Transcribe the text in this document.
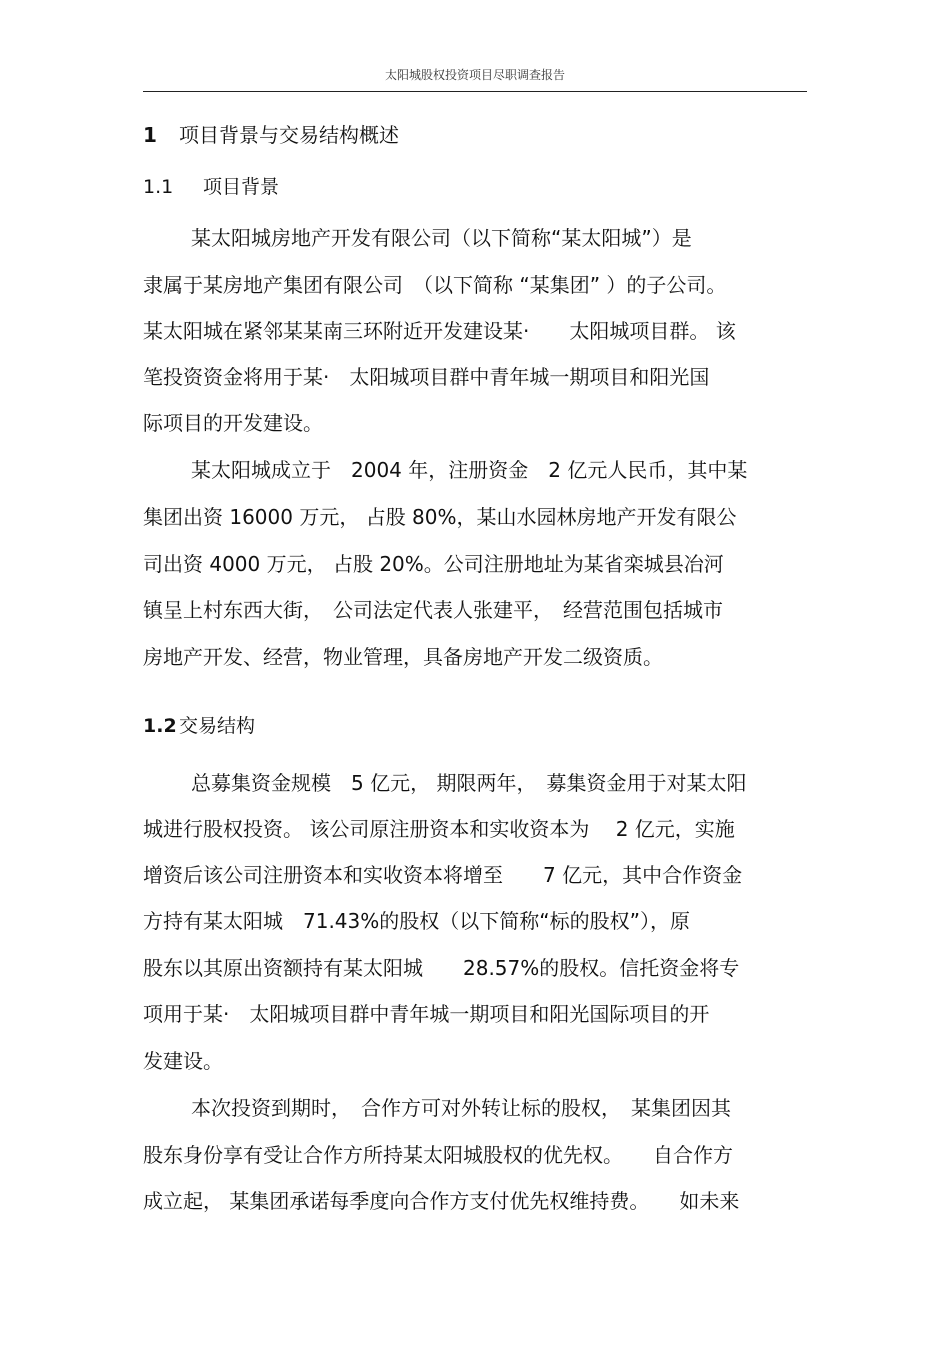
太阳城股权投资项目尽职调查报告
1 项目背景与交易结构概述
1.1 项目背景
某太阳城房地产开发有限公司（以下简称“某太阳城”）是
隶属于某房地产集团有限公司　（以下简称 “某集团” ）的子公司。
某太阳城在紧邻某某南三环附近开发建设某·　　太阳城项目群。 该
笔投资资金将用于某·　太阳城项目群中青年城一期项目和阳光国
际项目的开发建设。
某太阳城成立于　2004 年，注册资金　2 亿元人民币，其中某
集团出资 16000 万元， 占股 80%，某山水园林房地产开发有限公
司出资 4000 万元， 占股 20%。公司注册地址为某省栾城县冶河
镇呈上村东西大街，　公司法定代表人张建平，　经营范围包括城市
房地产开发、经营，物业管理，具备房地产开发二级资质。
1.2 交易结构
总募集资金规模　5 亿元， 期限两年，　募集资金用于对某太阳
城进行股权投资。 该公司原注册资本和实收资本为　 2 亿元，实施
增资后该公司注册资本和实收资本将增至　　7 亿元，其中合作资金
方持有某太阳城　71.43%的股权（以下简称“标的股权”），原
股东以其原出资额持有某太阳城　　28.57%的股权。信托资金将专
项用于某·　太阳城项目群中青年城一期项目和阳光国际项目的开
发建设。
本次投资到期时，　合作方可对外转让标的股权，　某集团因其
股东身份享有受让合作方所持某太阳城股权的优先权。　　自合作方
成立起， 某集团承诺每季度向合作方支付优先权维持费。　　如未来
